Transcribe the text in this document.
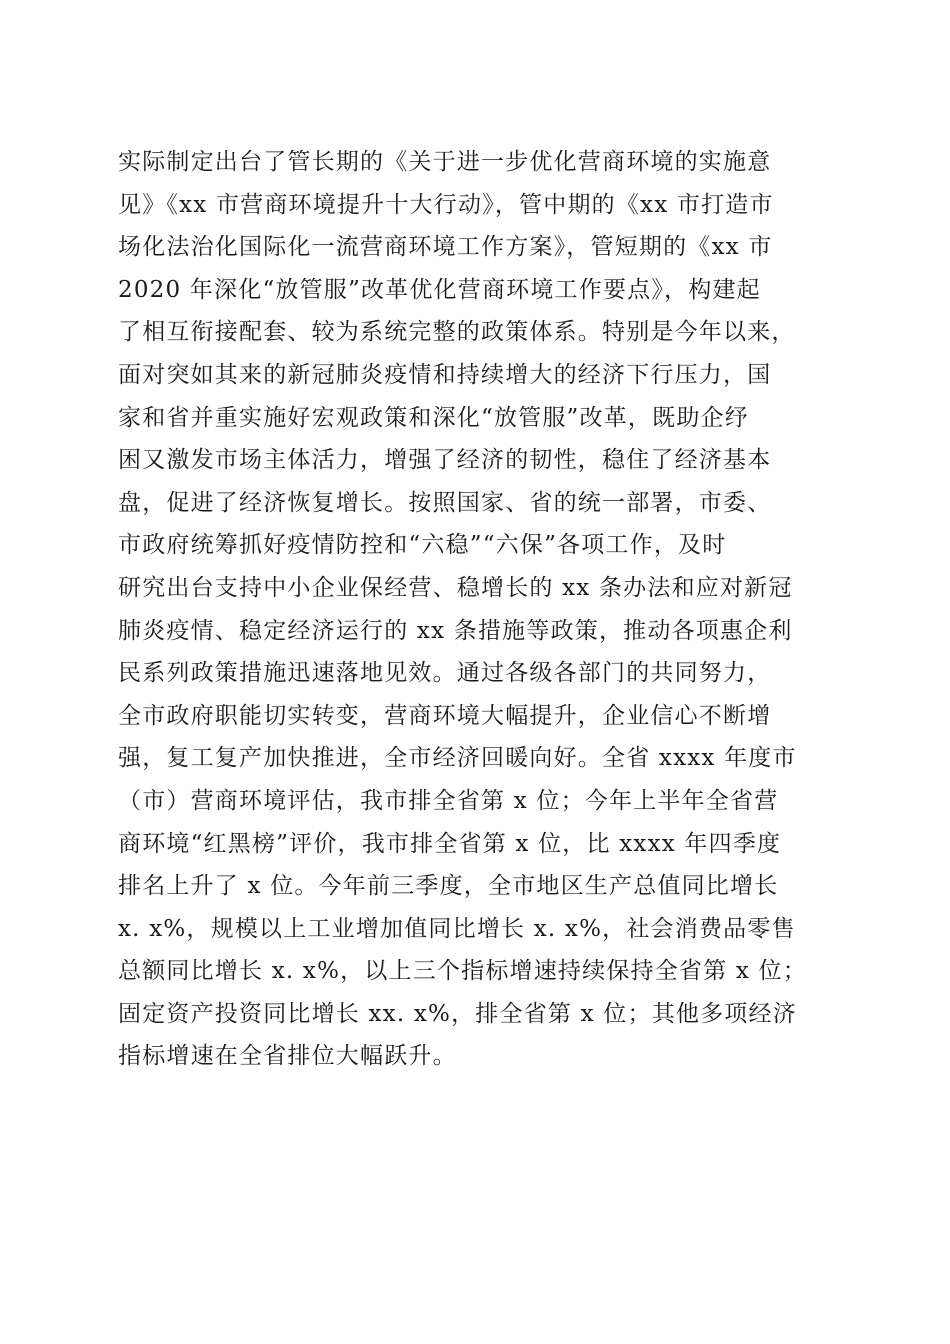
实际制定出台了管长期的《关于进一步优化营商环境的实施意
见》《xx 市营商环境提升十大行动》，管中期的《xx 市打造市
场化法治化国际化一流营商环境工作方案》，管短期的《xx 市
2020 年深化“放管服”改革优化营商环境工作要点》，构建起
了相互衔接配套、较为系统完整的政策体系。特别是今年以来，
面对突如其来的新冠肺炎疫情和持续增大的经济下行压力，国
家和省并重实施好宏观政策和深化“放管服”改革，既助企纾
困又激发市场主体活力，增强了经济的韧性，稳住了经济基本
盘，促进了经济恢复增长。按照国家、省的统一部署，市委、
市政府统筹抓好疫情防控和“六稳”“六保”各项工作，及时
研究出台支持中小企业保经营、稳增长的 xx 条办法和应对新冠
肺炎疫情、稳定经济运行的 xx 条措施等政策，推动各项惠企利
民系列政策措施迅速落地见效。通过各级各部门的共同努力，
全市政府职能切实转变，营商环境大幅提升，企业信心不断增
强，复工复产加快推进，全市经济回暖向好。全省 xxxx 年度市
（市）营商环境评估，我市排全省第 x 位；今年上半年全省营
商环境“红黑榜”评价，我市排全省第 x 位，比 xxxx 年四季度
排名上升了 x 位。今年前三季度，全市地区生产总值同比增长
x. x%，规模以上工业增加值同比增长 x. x%，社会消费品零售
总额同比增长 x. x%，以上三个指标增速持续保持全省第 x 位；
固定资产投资同比增长 xx. x%，排全省第 x 位；其他多项经济
指标增速在全省排位大幅跃升。
